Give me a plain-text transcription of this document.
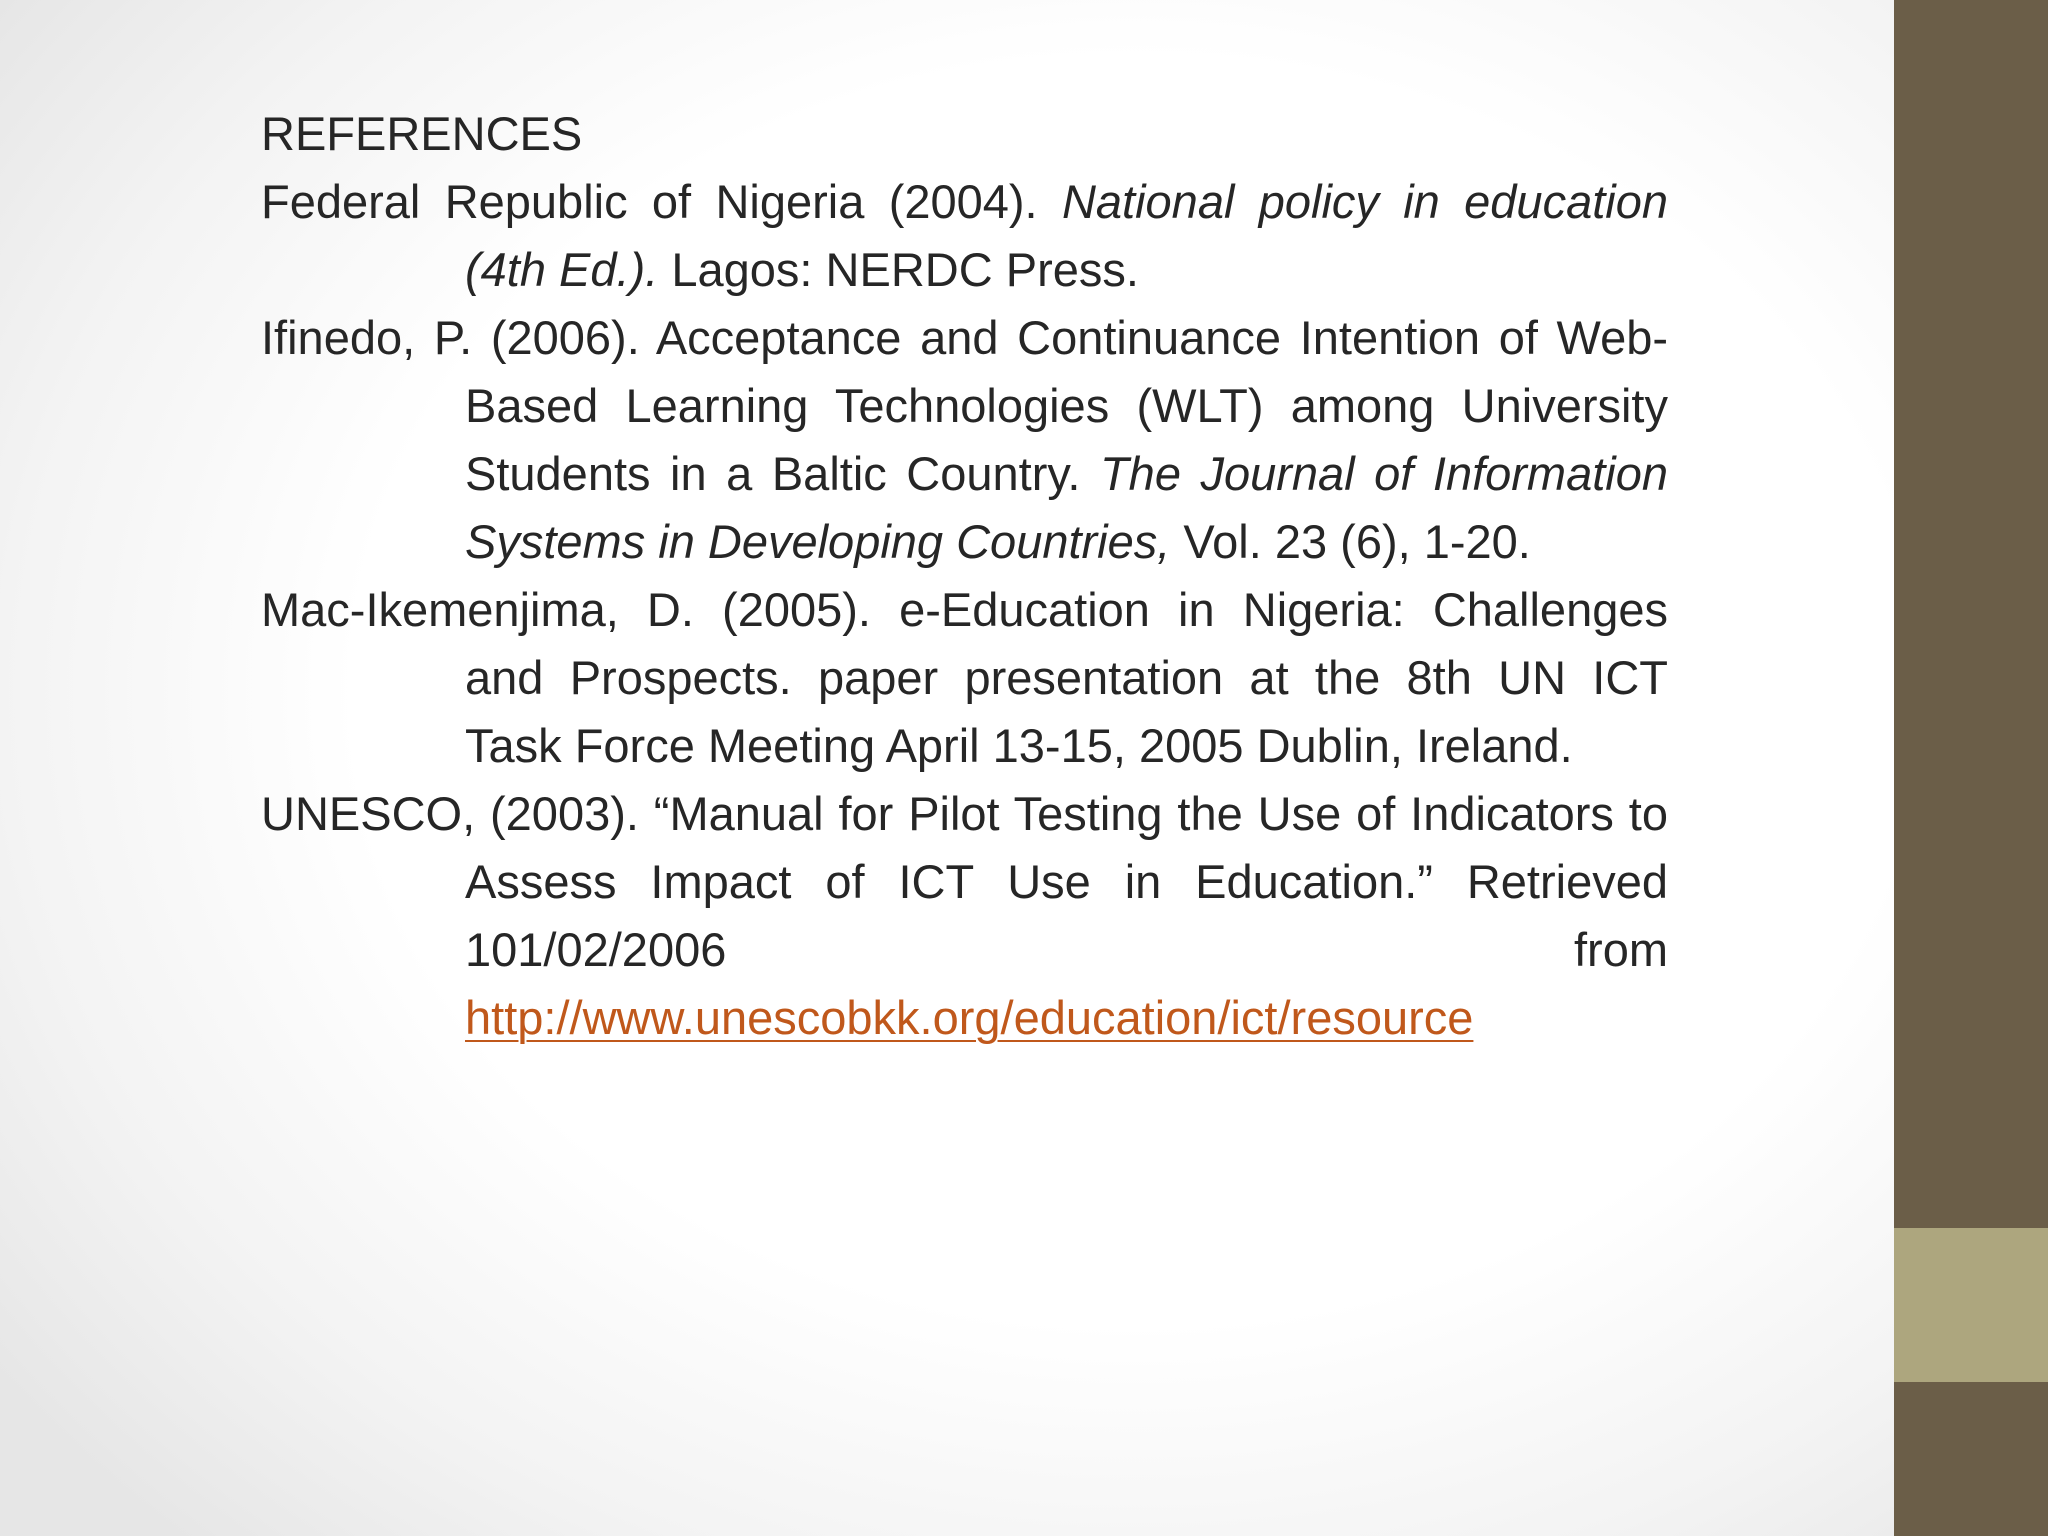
REFERENCES
Federal Republic of Nigeria (2004). National policy in education (4th Ed.). Lagos: NERDC Press.
Ifinedo, P. (2006). Acceptance and Continuance Intention of Web- Based Learning Technologies (WLT) among University Students in a Baltic Country. The Journal of Information Systems in Developing Countries, Vol. 23 (6), 1-20.
Mac-Ikemenjima, D. (2005). e-Education in Nigeria: Challenges and Prospects. paper presentation at the 8th UN ICT Task Force Meeting April 13-15, 2005 Dublin, Ireland.
UNESCO, (2003). “Manual for Pilot Testing the Use of Indicators to Assess Impact of ICT Use in Education.” Retrieved 101/02/2006 from http://www.unescobkk.org/education/ict/resource
